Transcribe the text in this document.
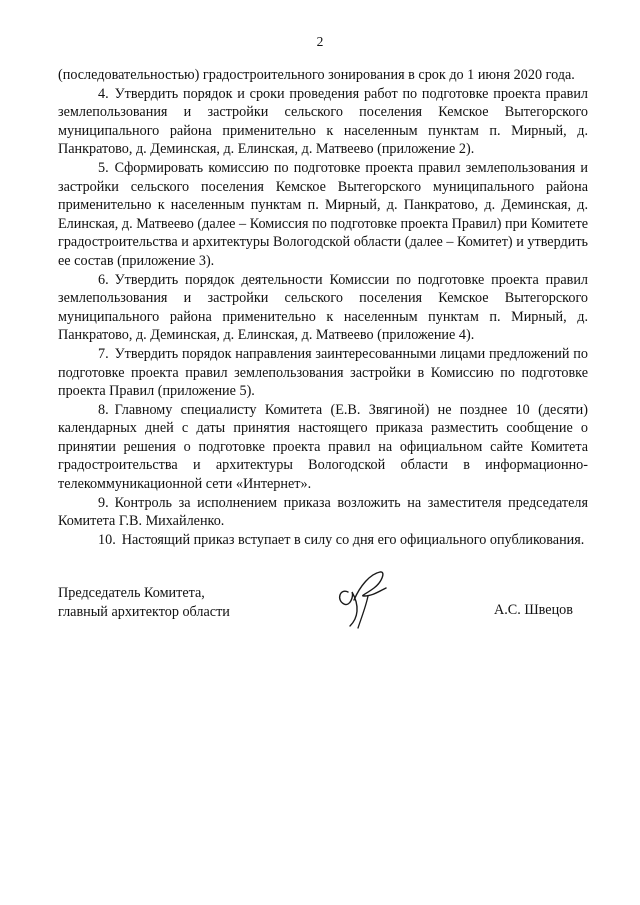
2

(последовательностью) градостроительного зонирования в срок до 1 июня 2020 года.

4. Утвердить порядок и сроки проведения работ по подготовке проекта правил землепользования и застройки сельского поселения Кемское Вытегорского муниципального района применительно к населенным пунктам п. Мирный, д. Панкратово, д. Деминская, д. Елинская, д. Матвеево (приложение 2).

5. Сформировать комиссию по подготовке проекта правил землепользования и застройки сельского поселения Кемское Вытегорского муниципального района применительно к населенным пунктам п. Мирный, д. Панкратово, д. Деминская, д. Елинская, д. Матвеево (далее – Комиссия по подготовке проекта Правил) при Комитете градостроительства и архитектуры Вологодской области (далее – Комитет) и утвердить ее состав (приложение 3).

6. Утвердить порядок деятельности Комиссии по подготовке проекта правил землепользования и застройки сельского поселения Кемское Вытегорского муниципального района применительно к населенным пунктам п. Мирный, д. Панкратово, д. Деминская, д. Елинская, д. Матвеево (приложение 4).

7. Утвердить порядок направления заинтересованными лицами предложений по подготовке проекта правил землепользования застройки в Комиссию по подготовке проекта Правил (приложение 5).

8. Главному специалисту Комитета (Е.В. Звягиной) не позднее 10 (десяти) календарных дней с даты принятия настоящего приказа разместить сообщение о принятии решения о подготовке проекта правил на официальном сайте Комитета градостроительства и архитектуры Вологодской области в информационно-телекоммуникационной сети «Интернет».

9. Контроль за исполнением приказа возложить на заместителя председателя Комитета Г.В. Михайленко.

10. Настоящий приказ вступает в силу со дня его официального опубликования.

Председатель Комитета,
главный архитектор области	А.С. Швецов
